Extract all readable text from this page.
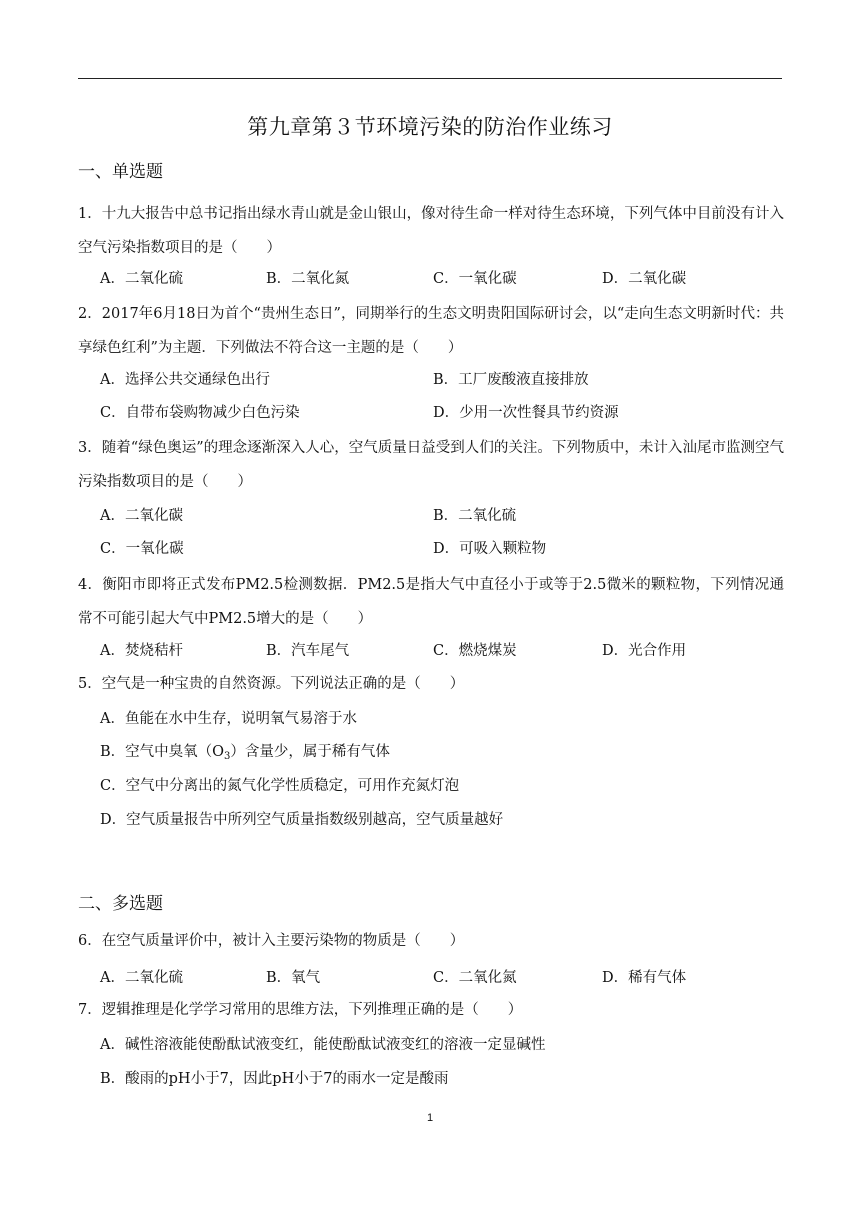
第九章第３节环境污染的防治作业练习
一、单选题
1．十九大报告中总书记指出绿水青山就是金山银山，像对待生命一样对待生态环境，下列气体中目前没有计入空气污染指数项目的是（　　）
A．二氧化硫	B．二氧化氮	C．一氧化碳	D．二氧化碳
2．2017年6月18日为首个“贵州生态日”，同期举行的生态文明贵阳国际研讨会，以“走向生态文明新时代：共享绿色红利”为主题．下列做法不符合这一主题的是（　　）
A．选择公共交通绿色出行	B．工厂废酸液直接排放
C．自带布袋购物减少白色污染	D．少用一次性餐具节约资源
3．随着“绿色奥运”的理念逐渐深入人心，空气质量日益受到人们的关注。下列物质中，未计入汕尾市监测空气污染指数项目的是（　　）
A．二氧化碳	B．二氧化硫
C．一氧化碳	D．可吸入颗粒物
4．衡阳市即将正式发布PM2.5检测数据．PM2.5是指大气中直径小于或等于2.5微米的颗粒物，下列情况通常不可能引起大气中PM2.5增大的是（　　）
A．焚烧秸杆	B．汽车尾气	C．燃烧煤炭	D．光合作用
5．空气是一种宝贵的自然资源。下列说法正确的是（　　）
A．鱼能在水中生存，说明氧气易溶于水
B．空气中臭氧$(O_3)$含量少，属于稀有气体
C．空气中分离出的氮气化学性质稳定，可用作充氮灯泡
D．空气质量报告中所列空气质量指数级别越高，空气质量越好
二、多选题
6．在空气质量评价中，被计入主要污染物的物质是（　　）
A．二氧化硫	B．氧气	C．二氧化氮	D．稀有气体
7．逻辑推理是化学学习常用的思维方法，下列推理正确的是（　　）
A．碱性溶液能使酚酞试液变红，能使酚酞试液变红的溶液一定显碱性
B．酸雨的pH小于7，因此pH小于7的雨水一定是酸雨
1
